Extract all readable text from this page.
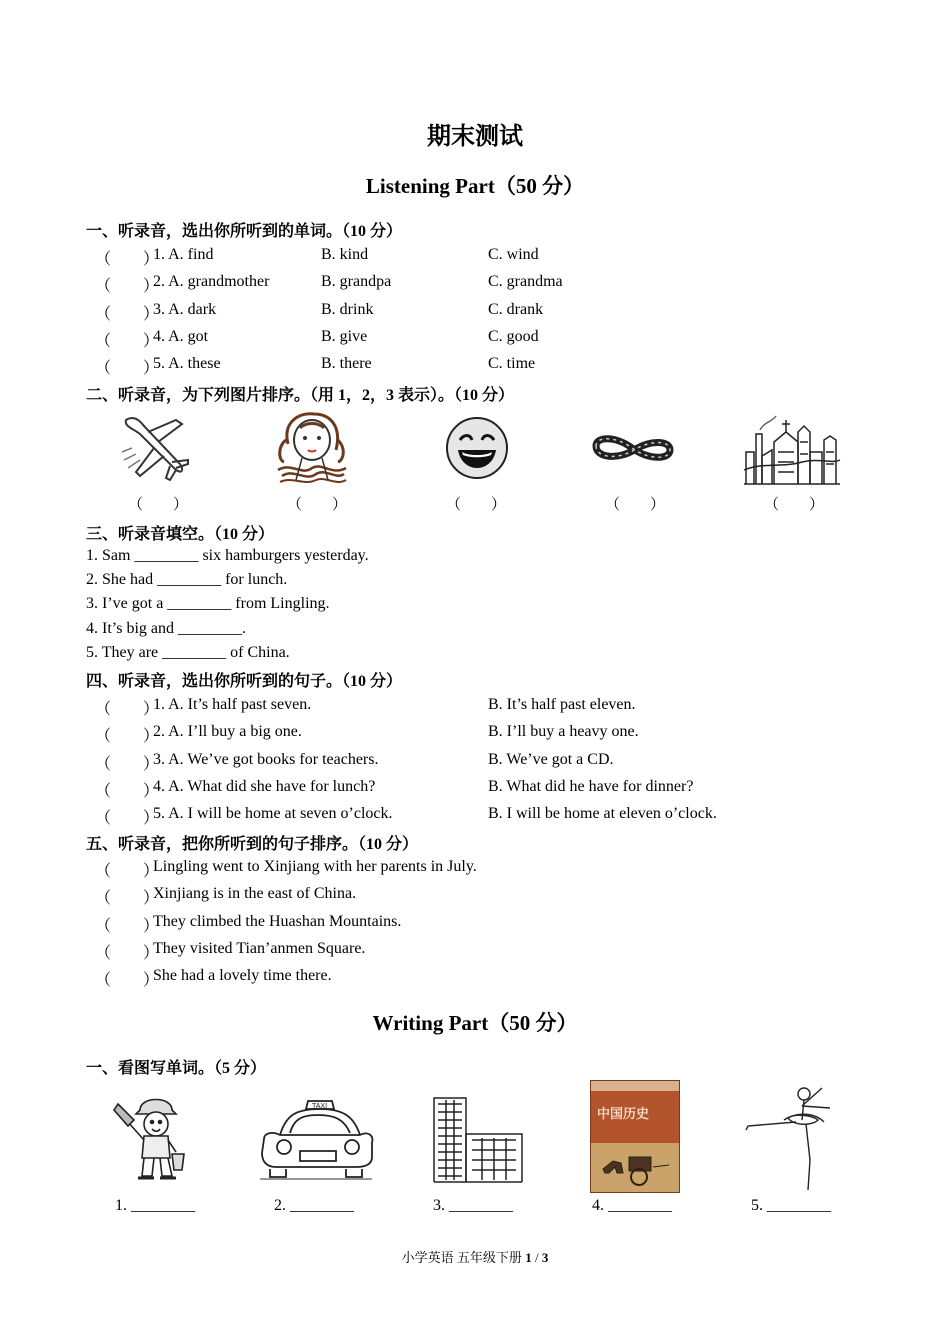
期末测试
Listening Part（50 分）
一、听录音，选出你所听到的单词。（10 分）
（　　）
1. A. find	B. kind	C. wind
（　　）
2. A. grandmother	B. grandpa	C. grandma
（　　）
3. A. dark	B. drink	C. drank
（　　）
4. A. got	B. give	C. good
（　　）
5. A. these	B. there	C. time
二、听录音，为下列图片排序。（用 1，2，3 表示）。（10 分）
（　　）	（　　）	（　　）	（　　）	（　　）
三、听录音填空。（10 分）
1. Sam ________ six hamburgers yesterday.
2. She had ________ for lunch.
3. I’ve got a ________ from Lingling.
4. It’s big and ________.
5. They are ________ of China.
四、听录音，选出你所听到的句子。（10 分）
（　　）
1. A. It’s half past seven.	B. It’s half past eleven.
（　　）
2. A. I’ll buy a big one.	B. I’ll buy a heavy one.
（　　）
3. A. We’ve got books for teachers.	B. We’ve got a CD.
（　　）
4. A. What did she have for lunch?	B. What did he have for dinner?
（　　）
5. A. I will be home at seven o’clock.	B. I will be home at eleven o’clock.
五、听录音，把你所听到的句子排序。（10 分）
（　　）
Lingling went to Xinjiang with her parents in July.
（　　）
Xinjiang is in the east of China.
（　　）
They climbed the Huashan Mountains.
（　　）
They visited Tian’anmen Square.
（　　）
She had a lovely time there.
Writing Part（50 分）
一、看图写单词。（5 分）
TAXI
中国历史
1. ________	2. ________	3. ________	4. ________	5. ________
小学英语 五年级下册 1 / 3
